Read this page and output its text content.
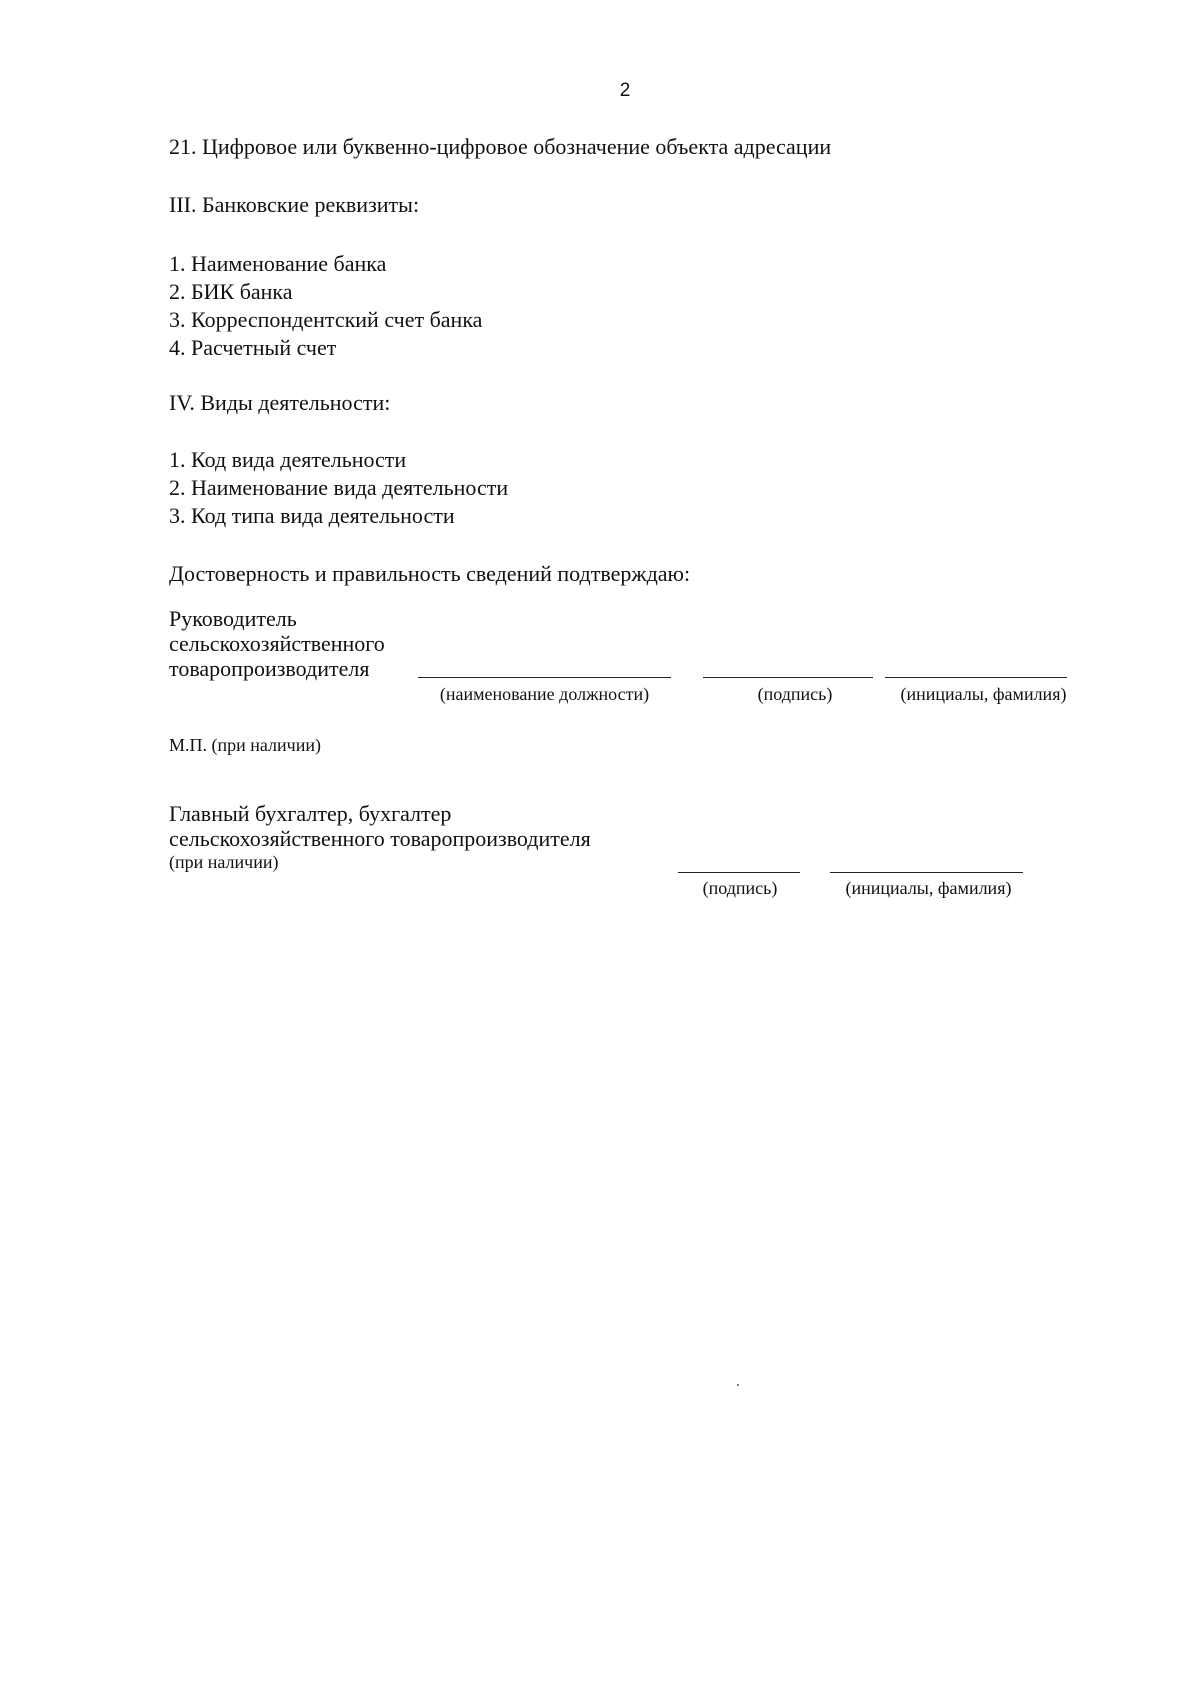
2
21. Цифровое или буквенно-цифровое обозначение объекта адресации
III. Банковские реквизиты:
1. Наименование банка
2. БИК банка
3. Корреспондентский счет банка
4. Расчетный счет
IV. Виды деятельности:
1. Код вида деятельности
2. Наименование вида деятельности
3. Код типа вида деятельности
Достоверность и правильность сведений подтверждаю:
Руководитель
сельскохозяйственного
товаропроизводителя
(наименование должности)	(подпись)	(инициалы, фамилия)
М.П. (при наличии)
Главный бухгалтер, бухгалтер
сельскохозяйственного товаропроизводителя
(при наличии)
(подпись)	(инициалы, фамилия)
